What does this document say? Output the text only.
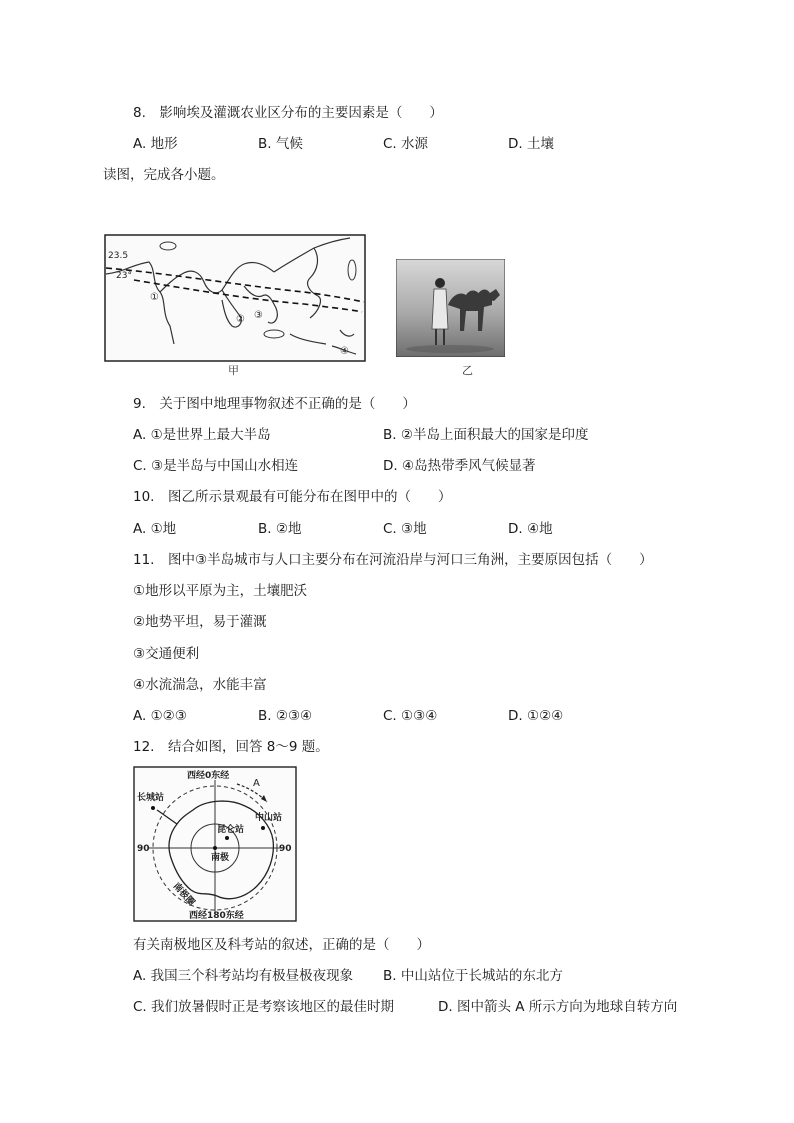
8.　影响埃及灌溉农业区分布的主要因素是（　　）
A. 地形	B. 气候	C. 水源	D. 土壤
读图，完成各小题。
23.5
23°
①
② ③
④
甲	乙
9.　关于图中地理事物叙述不正确的是（　　）
A. ①是世界上最大半岛	B. ②半岛上面积最大的国家是印度
C. ③是半岛与中国山水相连	D. ④岛热带季风气候显著
10.　图乙所示景观最有可能分布在图甲中的（　　）
A. ①地	B. ②地	C. ③地	D. ④地
11.　图中③半岛城市与人口主要分布在河流沿岸与河口三角洲，主要原因包括（　　）
①地形以平原为主，土壤肥沃
②地势平坦，易于灌溉
③交通便利
④水流湍急，水能丰富
A. ①②③	B. ②③④	C. ①③④	D. ①②④
12.　结合如图，回答 8～9 题。
A
西经0东经
西经180东经
90	90
长城站
中山站
昆仑站
南极
南极圈
有关南极地区及科考站的叙述，正确的是（　　）
A. 我国三个科考站均有极昼极夜现象 B. 中山站位于长城站的东北方
C. 我们放暑假时正是考察该地区的最佳时期	D. 图中箭头 A 所示方向为地球自转方向
